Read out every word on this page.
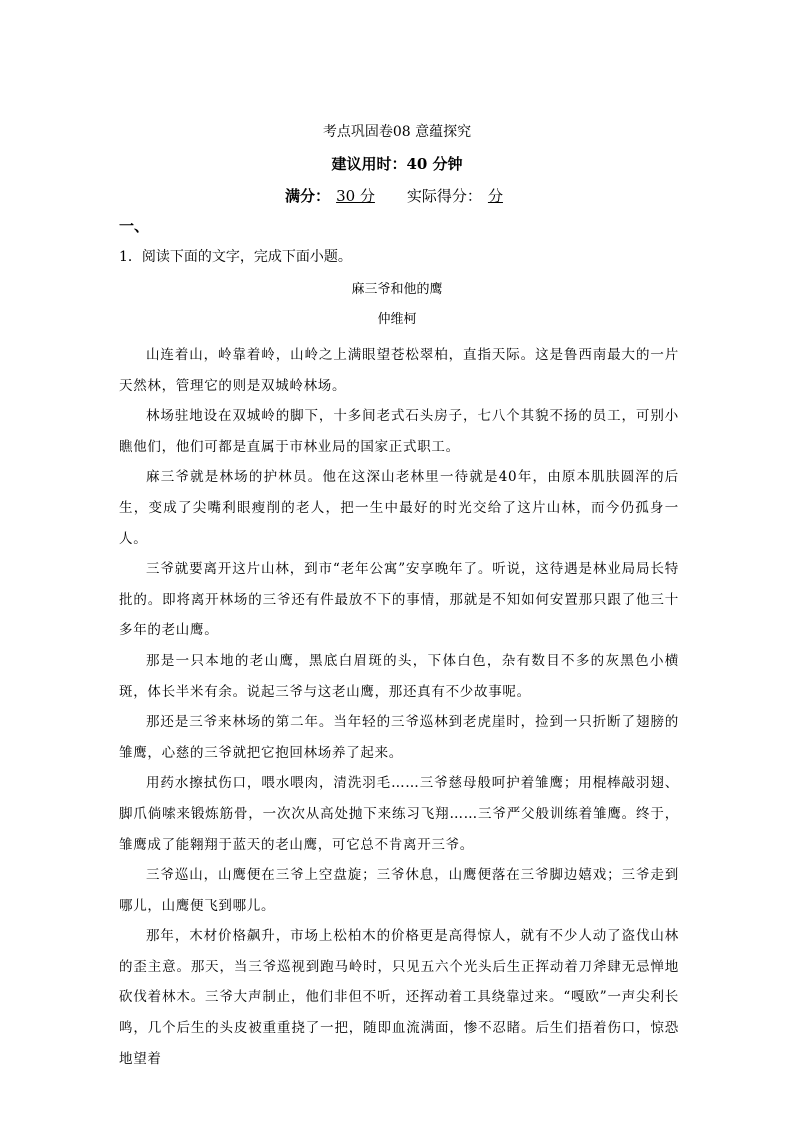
考点巩固卷08 意蕴探究
建议用时：40 分钟
满分： 30 分 实际得分： 分
一、
1．阅读下面的文字，完成下面小题。
麻三爷和他的鹰
仲维柯

山连着山，岭靠着岭，山岭之上满眼望苍松翠柏，直指天际。这是鲁西南最大的一片天然林，管理它的则是双城岭林场。

林场驻地设在双城岭的脚下，十多间老式石头房子，七八个其貌不扬的员工，可别小瞧他们，他们可都是直属于市林业局的国家正式职工。

麻三爷就是林场的护林员。他在这深山老林里一待就是40年，由原本肌肤圆浑的后生，变成了尖嘴利眼瘦削的老人，把一生中最好的时光交给了这片山林，而今仍孤身一人。

三爷就要离开这片山林，到市“老年公寓”安享晚年了。听说，这待遇是林业局局长特批的。即将离开林场的三爷还有件最放不下的事情，那就是不知如何安置那只跟了他三十多年的老山鹰。

那是一只本地的老山鹰，黑底白眉斑的头，下体白色，杂有数目不多的灰黑色小横斑，体长半米有余。说起三爷与这老山鹰，那还真有不少故事呢。

那还是三爷来林场的第二年。当年轻的三爷巡林到老虎崖时，捡到一只折断了翅膀的雏鹰，心慈的三爷就把它抱回林场养了起来。

用药水擦拭伤口，喂水喂肉，清洗羽毛……三爷慈母般呵护着雏鹰；用棍棒敲羽翅、脚爪倘嗦来锻炼筋骨，一次次从高处抛下来练习飞翔……三爷严父般训练着雏鹰。终于，雏鹰成了能翱翔于蓝天的老山鹰，可它总不肯离开三爷。

三爷巡山，山鹰便在三爷上空盘旋；三爷休息，山鹰便落在三爷脚边嬉戏；三爷走到哪儿，山鹰便飞到哪儿。

那年，木材价格飙升，市场上松柏木的价格更是高得惊人，就有不少人动了盗伐山林的歪主意。那天，当三爷巡视到跑马岭时，只见五六个光头后生正挥动着刀斧肆无忌惮地砍伐着林木。三爷大声制止，他们非但不听，还挥动着工具绕靠过来。“嘎欧”一声尖利长鸣，几个后生的头皮被重重挠了一把，随即血流满面，惨不忍睹。后生们捂着伤口，惊恐地望着
